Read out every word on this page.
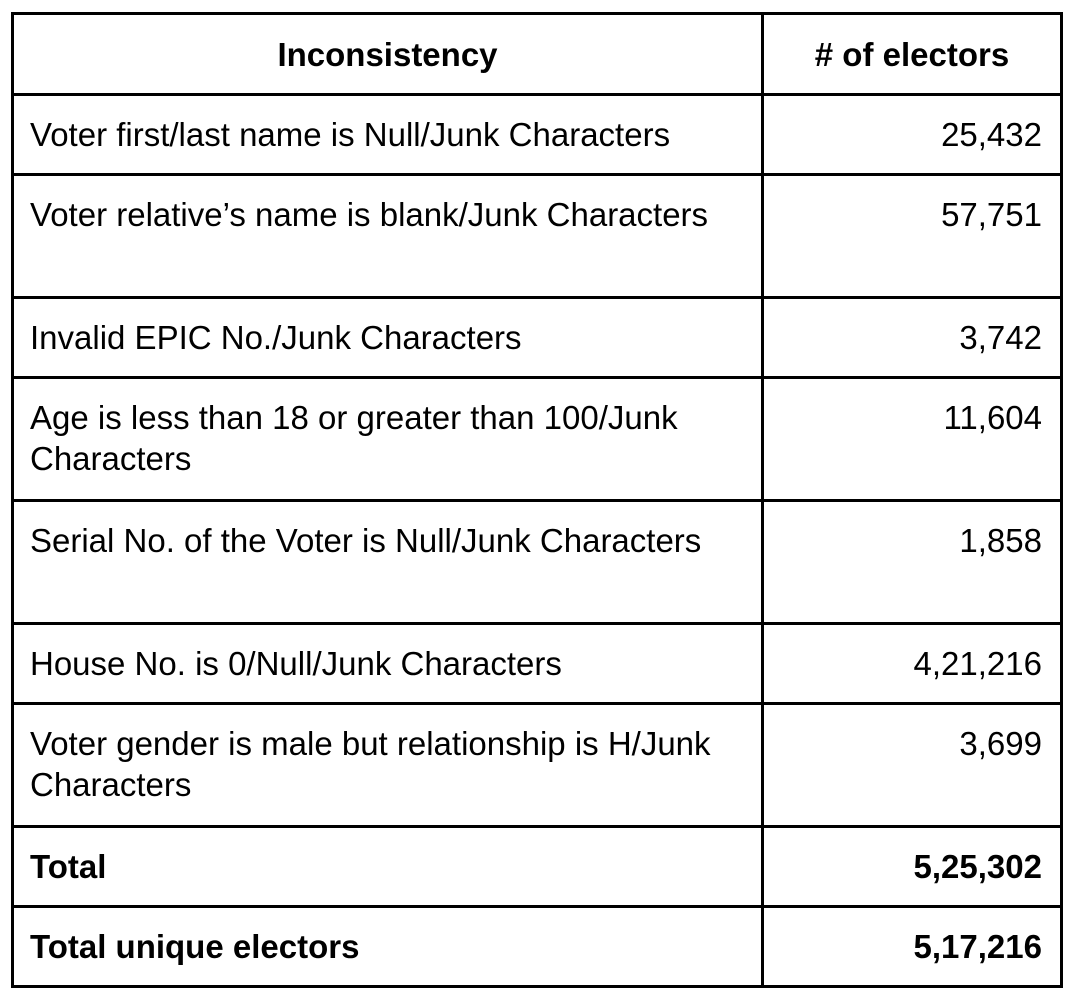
Inconsistency	# of electors
Voter first/last name is Null/Junk Characters	25,432
Voter relative’s name is blank/Junk Characters	57,751
Invalid EPIC No./Junk Characters	3,742
Age is less than 18 or greater than 100/Junk Characters	11,604
Serial No. of the Voter is Null/Junk Characters	1,858
House No. is 0/Null/Junk Characters	4,21,216
Voter gender is male but relationship is H/Junk Characters	3,699
Total	5,25,302
Total unique electors	5,17,216
